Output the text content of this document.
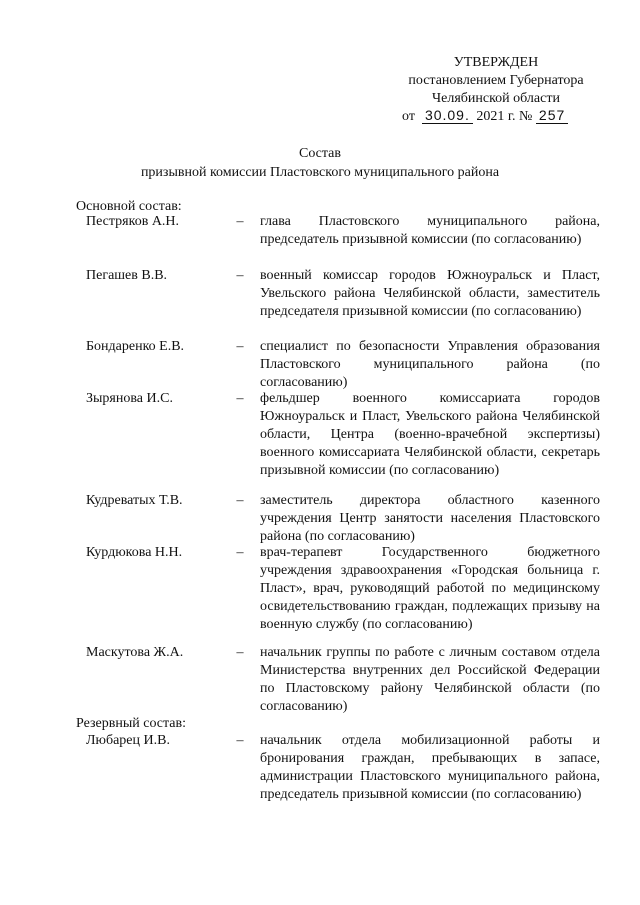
УТВЕРЖДЕН
постановлением Губернатора
Челябинской области
от 30.09. 2021 г. № 257
Состав
призывной комиссии Пластовского муниципального района
Основной состав:
Пестряков А.Н.	– глава Пластовского муниципального района, председатель призывной комиссии (по согласованию)
Пегашев В.В.	– военный комиссар городов Южноуральск и Пласт, Увельского района Челябинской области, заместитель председателя призывной комиссии (по согласованию)
Бондаренко Е.В.	– специалист по безопасности Управления образования Пластовского муниципального района (по согласованию)
Зырянова И.С.	– фельдшер военного комиссариата городов Южноуральск и Пласт, Увельского района Челябинской области, Центра (военно-врачебной экспертизы) военного комиссариата Челябинской области, секретарь призывной комиссии (по согласованию)
Кудреватых Т.В.	– заместитель директора областного казенного учреждения Центр занятости населения Пластовского района (по согласованию)
Курдюкова Н.Н.	– врач-терапевт Государственного бюджетного учреждения здравоохранения «Городская больница г. Пласт», врач, руководящий работой по медицинскому освидетельствованию граждан, подлежащих призыву на военную службу (по согласованию)
Маскутова Ж.А.	– начальник группы по работе с личным составом отдела Министерства внутренних дел Российской Федерации по Пластовскому району Челябинской области (по согласованию)
Резервный состав:
Любарец И.В.	– начальник отдела мобилизационной работы и бронирования граждан, пребывающих в запасе, администрации Пластовского муниципального района, председатель призывной комиссии (по согласованию)
